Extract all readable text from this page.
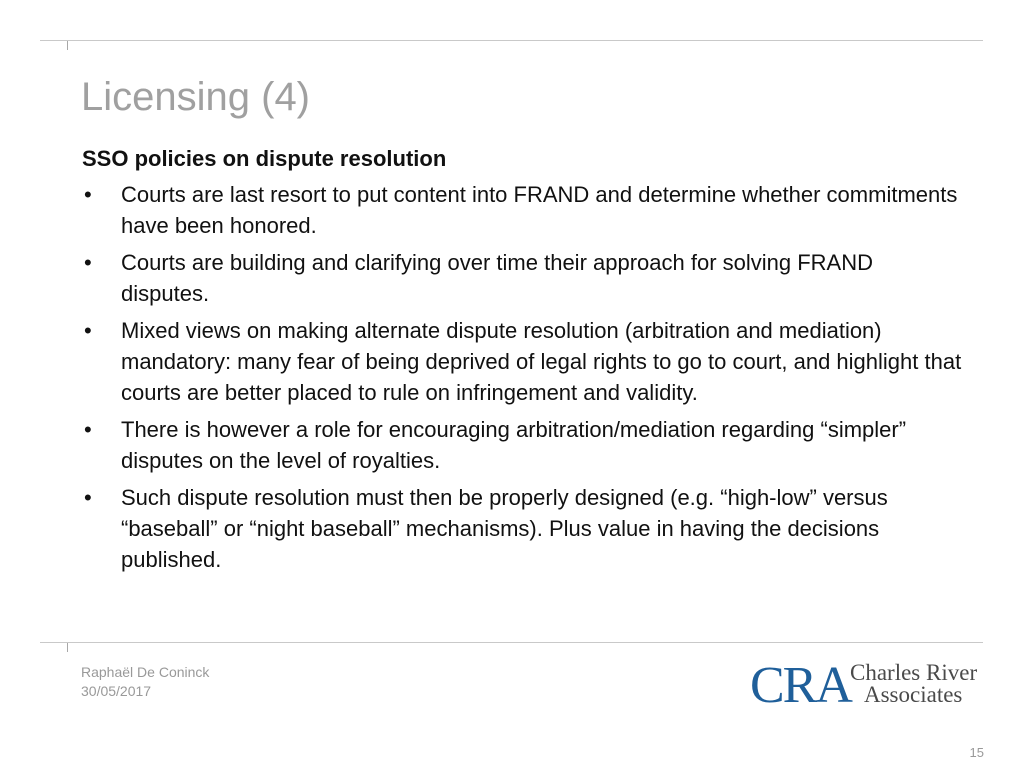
Licensing (4)
SSO policies on dispute resolution
• Courts are last resort to put content into FRAND and determine whether commitments have been honored.
• Courts are building and clarifying over time their approach for solving FRAND disputes.
• Mixed views on making alternate dispute resolution (arbitration and mediation) mandatory: many fear of being deprived of legal rights to go to court, and highlight that courts are better placed to rule on infringement and validity.
• There is however a role for encouraging arbitration/mediation regarding “simpler” disputes on the level of royalties.
• Such dispute resolution must then be properly designed (e.g. “high-low” versus “baseball” or “night baseball” mechanisms). Plus value in having the decisions published.
Raphaël De Coninck
30/05/2017	CRA Charles River
Associates
15
